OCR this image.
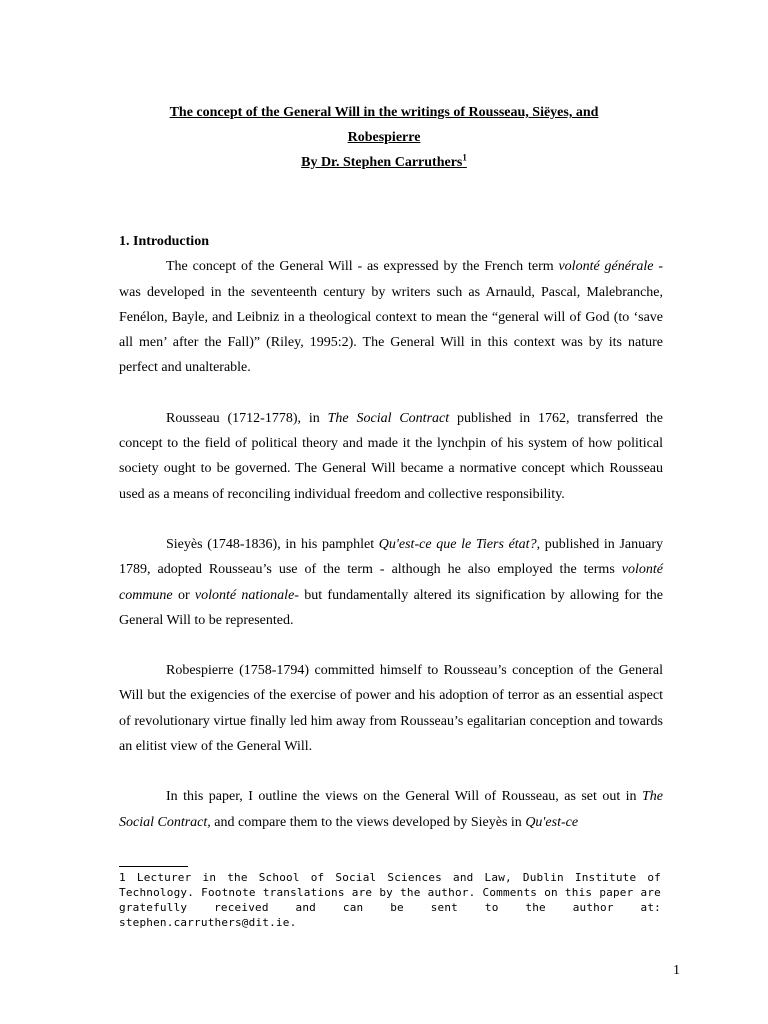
The concept of the General Will in the writings of Rousseau, Siëyes, and
Robespierre
By Dr. Stephen Carruthers$^1$
1. Introduction

The concept of the General Will - as expressed by the French term volonté générale - was developed in the seventeenth century by writers such as Arnauld, Pascal, Malebranche, Fenélon, Bayle, and Leibniz in a theological context to mean the “general will of God (to ‘save all men’ after the Fall)” (Riley, 1995:2). The General Will in this context was by its nature perfect and unalterable.

Rousseau (1712-1778), in The Social Contract published in 1762, transferred the concept to the field of political theory and made it the lynchpin of his system of how political society ought to be governed. The General Will became a normative concept which Rousseau used as a means of reconciling individual freedom and collective responsibility.

Sieyès (1748-1836), in his pamphlet Qu'est-ce que le Tiers état?, published in January 1789, adopted Rousseau’s use of the term - although he also employed the terms volonté commune or volonté nationale- but fundamentally altered its signification by allowing for the General Will to be represented.

Robespierre (1758-1794) committed himself to Rousseau’s conception of the General Will but the exigencies of the exercise of power and his adoption of terror as an essential aspect of revolutionary virtue finally led him away from Rousseau’s egalitarian conception and towards an elitist view of the General Will.

In this paper, I outline the views on the General Will of Rousseau, as set out in The Social Contract, and compare them to the views developed by Sieyès in Qu'est-ce

1 Lecturer in the School of Social Sciences and Law, Dublin Institute of Technology. Footnote translations are by the author. Comments on this paper are gratefully received and can be sent to the author at: stephen.carruthers@dit.ie.
1
